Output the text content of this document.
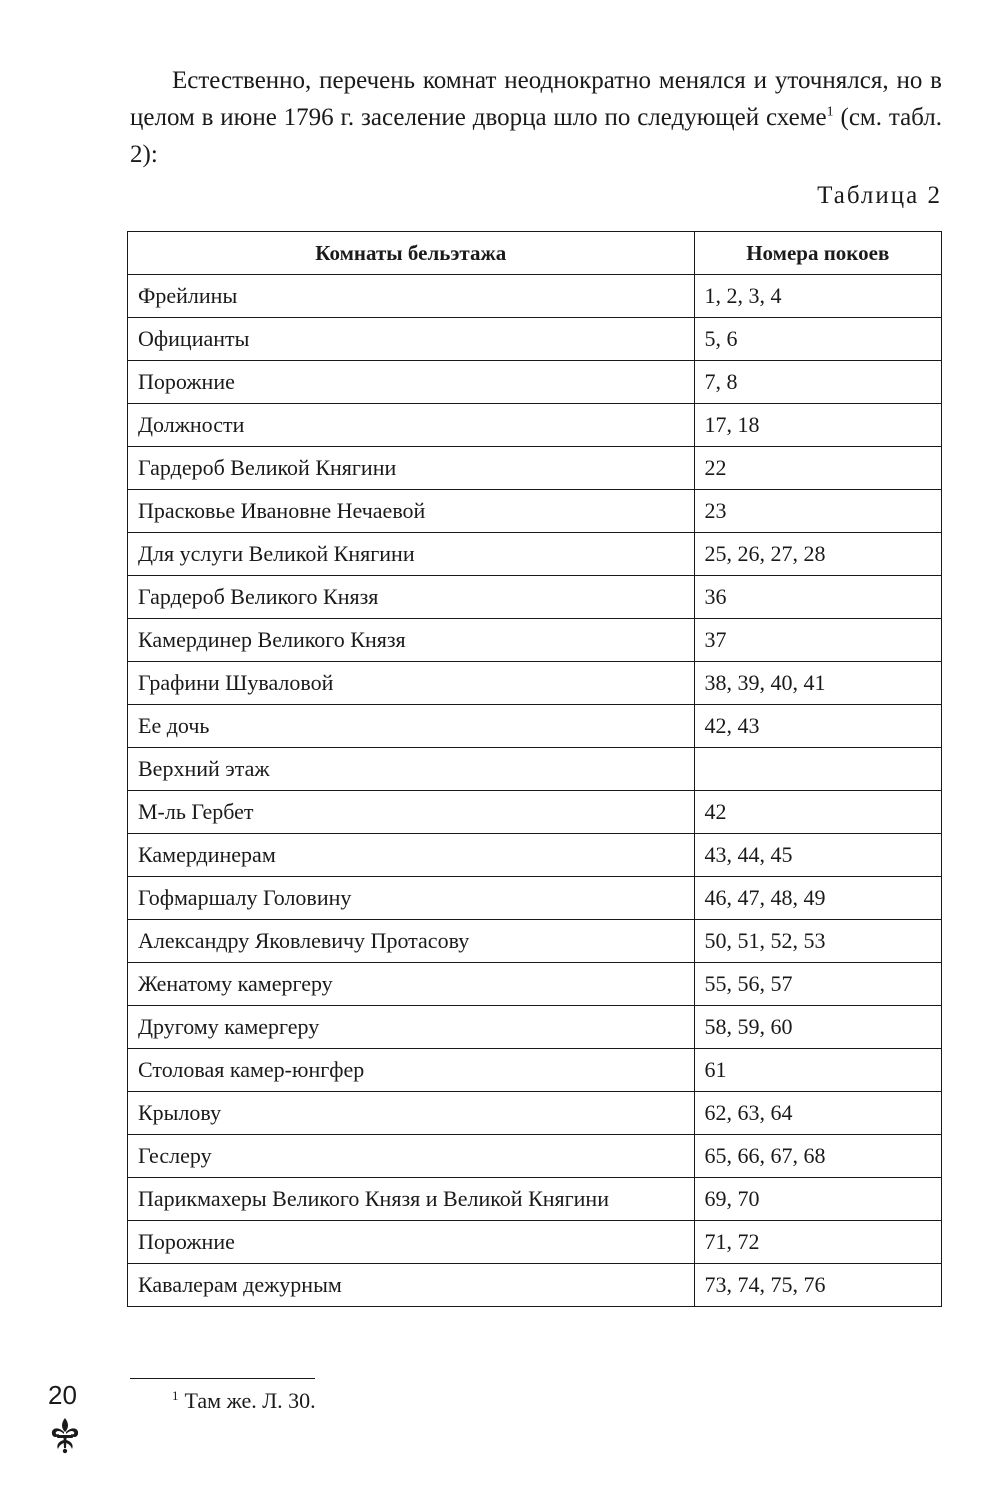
Естественно, перечень комнат неоднократно менялся и уточнялся, но в целом в июне 1796 г. заселение дворца шло по следующей схеме$^1$ (см. табл. 2):

Таблица 2
Комнаты бельэтажа	Номера покоев
Фрейлины	1, 2, 3, 4
Официанты	5, 6
Порожние	7, 8
Должности	17, 18
Гардероб Великой Княгини	22
Прасковье Ивановне Нечаевой	23
Для услуги Великой Княгини	25, 26, 27, 28
Гардероб Великого Князя	36
Камердинер Великого Князя	37
Графини Шуваловой	38, 39, 40, 41
Ее дочь	42, 43
Верхний этаж	
М-ль Гербет	42
Камердинерам	43, 44, 45
Гофмаршалу Головину	46, 47, 48, 49
Александру Яковлевичу Протасову	50, 51, 52, 53
Женатому камергеру	55, 56, 57
Другому камергеру	58, 59, 60
Столовая камер-юнгфер	61
Крылову	62, 63, 64
Геслеру	65, 66, 67, 68
Парикмахеры Великого Князя и Великой Княгини	69, 70
Порожние	71, 72
Кавалерам дежурным	73, 74, 75, 76
$^1$ Там же. Л. 30.
20
